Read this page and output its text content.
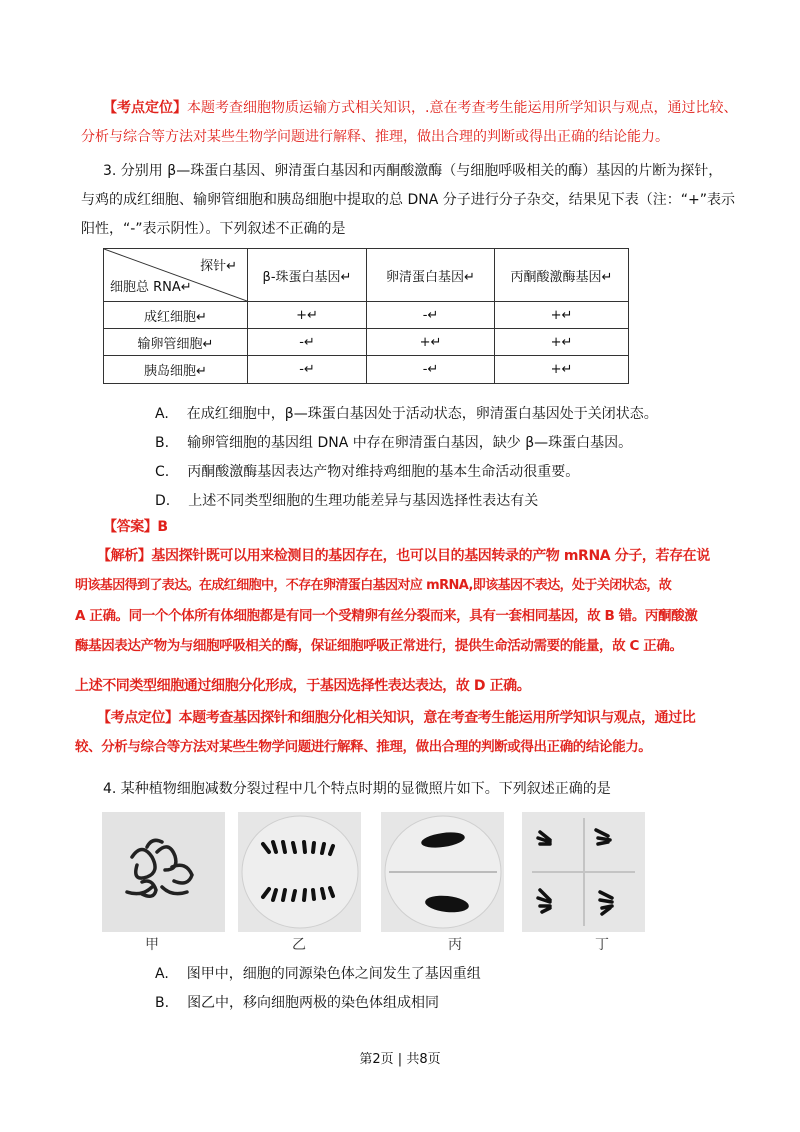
【考点定位】本题考查细胞物质运输方式相关知识，.意在考查考生能运用所学知识与观点，通过比较、
分析与综合等方法对某些生物学问题进行解释、推理，做出合理的判断或得出正确的结论能力。
3. 分别用 β—珠蛋白基因、卵清蛋白基因和丙酮酸激酶（与细胞呼吸相关的酶）基因的片断为探针，
与鸡的成红细胞、输卵管细胞和胰岛细胞中提取的总 DNA 分子进行分子杂交，结果见下表（注：“+”表示
阳性，“-”表示阴性）。下列叙述不正确的是
探针↵
细胞总 RNA↵	β-珠蛋白基因↵	卵清蛋白基因↵	丙酮酸激酶基因↵
成红细胞↵	+↵	-↵	+↵
输卵管细胞↵	-↵	+↵	+↵
胰岛细胞↵	-↵	-↵	+↵
A. 在成红细胞中，β—珠蛋白基因处于活动状态，卵清蛋白基因处于关闭状态。
B. 输卵管细胞的基因组 DNA 中存在卵清蛋白基因，缺少 β—珠蛋白基因。
C. 丙酮酸激酶基因表达产物对维持鸡细胞的基本生命活动很重要。
D. 上述不同类型细胞的生理功能差异与基因选择性表达有关
【答案】B
【解析】基因探针既可以用来检测目的基因存在，也可以目的基因转录的产物 mRNA 分子，若存在说
明该基因得到了表达。在成红细胞中，不存在卵清蛋白基因对应 mRNA,即该基因不表达，处于关闭状态，故
A 正确。同一个个体所有体细胞都是有同一个受精卵有丝分裂而来，具有一套相同基因，故 B 错。丙酮酸激
酶基因表达产物为与细胞呼吸相关的酶，保证细胞呼吸正常进行，提供生命活动需要的能量，故 C 正确。
上述不同类型细胞通过细胞分化形成，于基因选择性表达表达，故 D 正确。
【考点定位】本题考查基因探针和细胞分化相关知识，意在考查考生能运用所学知识与观点，通过比
较、分析与综合等方法对某些生物学问题进行解释、推理，做出合理的判断或得出正确的结论能力。
4. 某种植物细胞减数分裂过程中几个特点时期的显微照片如下。下列叙述正确的是
甲	乙	丙	丁
A. 图甲中，细胞的同源染色体之间发生了基因重组
B. 图乙中，移向细胞两极的染色体组成相同
第2页 | 共8页
